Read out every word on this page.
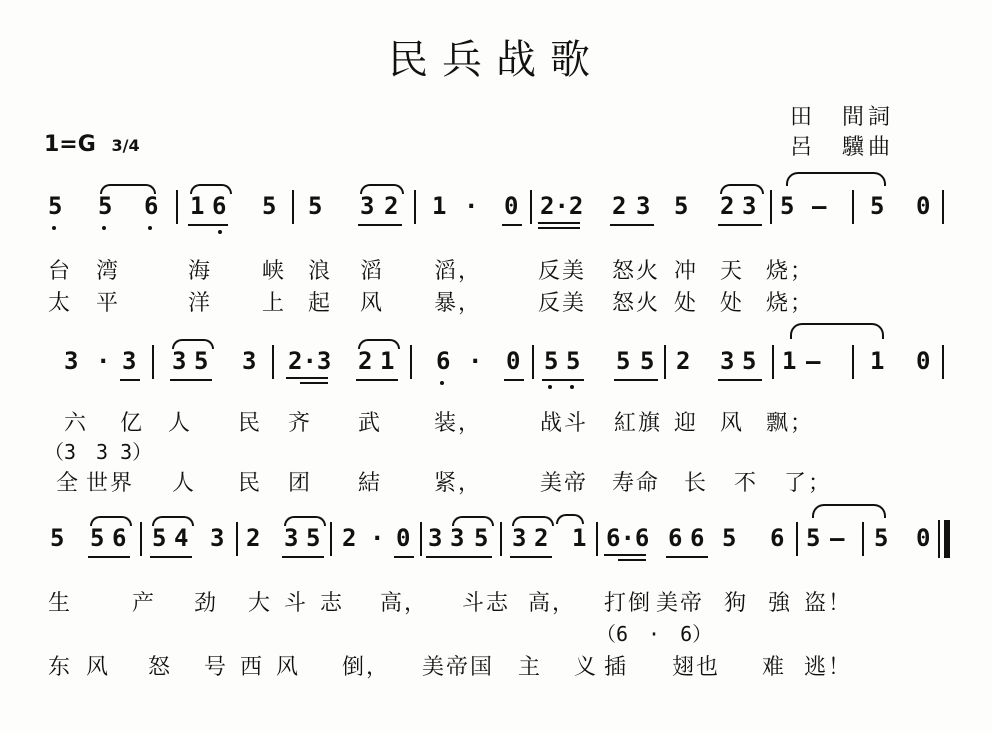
民兵战歌
田　間詞
呂　驥曲
1=G 3/4
5 5 6 1 6 5 5 3 2 1 · 0 2·2 2 3 5 2 3 5 — 5 0
台 湾	海 峡 浪 滔 滔，	反美 怒火 冲 天 烧；
太 平	洋 上 起 风 暴，	反美 怒火 处 处 烧；
3 · 3 3 5 3 2·3 2 1 6 · 0 5 5 5 5 2 3 5 1 — 1 0
六 亿 人 民 齐 武 装，	战斗 紅旗 迎 风 飘；
（3　3 3）
全 世界 人 民 团 結 紧，	美帝 寿命 长 不 了；
5 5 6 5 4 3 2 3 5 2 · 0 3 3 5 3 2 1 6·6 6 6 5 6 5 — 5 0
生	产 劲 大 斗 志 高， 斗志 高， 打倒 美帝 狗 強 盗！
（6　·　6）
东 风 怒 号 西 风 倒， 美帝国 主 义 插 翅也 难 逃！
